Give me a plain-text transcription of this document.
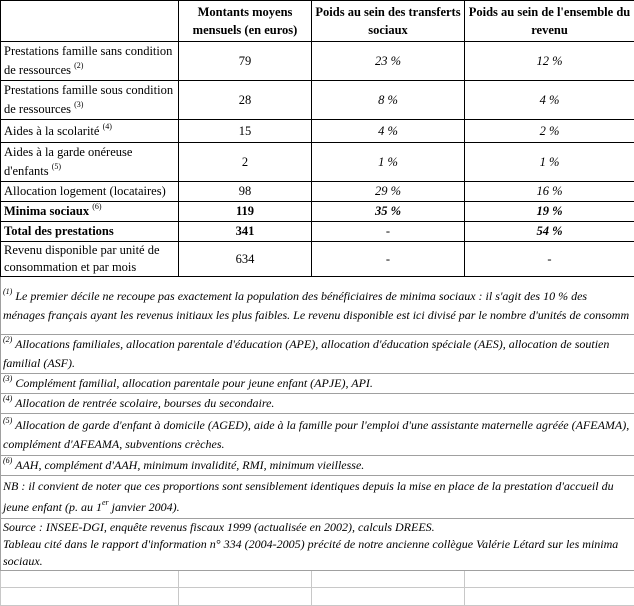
	Montants moyens mensuels (en euros)	Poids au sein des transferts sociaux	Poids au sein de l'ensemble du revenu
Prestations famille sans condition de ressources $^{(2)}$	79	23 %	12 %
Prestations famille sous condition de ressources $^{(3)}$	28	8 %	4 %
Aides à la scolarité $^{(4)}$	15	4 %	2 %
Aides à la garde onéreuse d'enfants $^{(5)}$	2	1 %	1 %
Allocation logement (locataires)	98	29 %	16 %
Minima sociaux $^{(6)}$	119	35 %	19 %
Total des prestations	341	-	54 %
Revenu disponible par unité de consommation et par mois	634	-	-
$^{(1)}$ Le premier décile ne recoupe pas exactement la population des bénéficiaires de minima sociaux : il s'agit des 10 % des ménages français ayant les revenus initiaux les plus faibles. Le revenu disponible est ici divisé par le nombre d'unités de consomm			
$^{(2)}$ Allocations familiales, allocation parentale d'éducation (APE), allocation d'éducation spéciale (AES), allocation de soutien familial (ASF).			
$^{(3)}$ Complément familial, allocation parentale pour jeune enfant (APJE), API.			
$^{(4)}$ Allocation de rentrée scolaire, bourses du secondaire.			
$^{(5)}$ Allocation de garde d'enfant à domicile (AGED), aide à la famille pour l'emploi d'une assistante maternelle agréée (AFEAMA), complément d'AFEAMA, subventions crèches.			
$^{(6)}$ AAH, complément d'AAH, minimum invalidité, RMI, minimum vieillesse.			
NB : il convient de noter que ces proportions sont sensiblement identiques depuis la mise en place de la prestation d'accueil du jeune enfant (p. au 1er janvier 2004).			
Source : INSEE-DGI, enquête revenus fiscaux 1999 (actualisée en 2002), calculs DREES.
Tableau cité dans le rapport d'information n° 334 (2004-2005) précité de notre ancienne collègue Valérie Létard sur les minima sociaux.			
